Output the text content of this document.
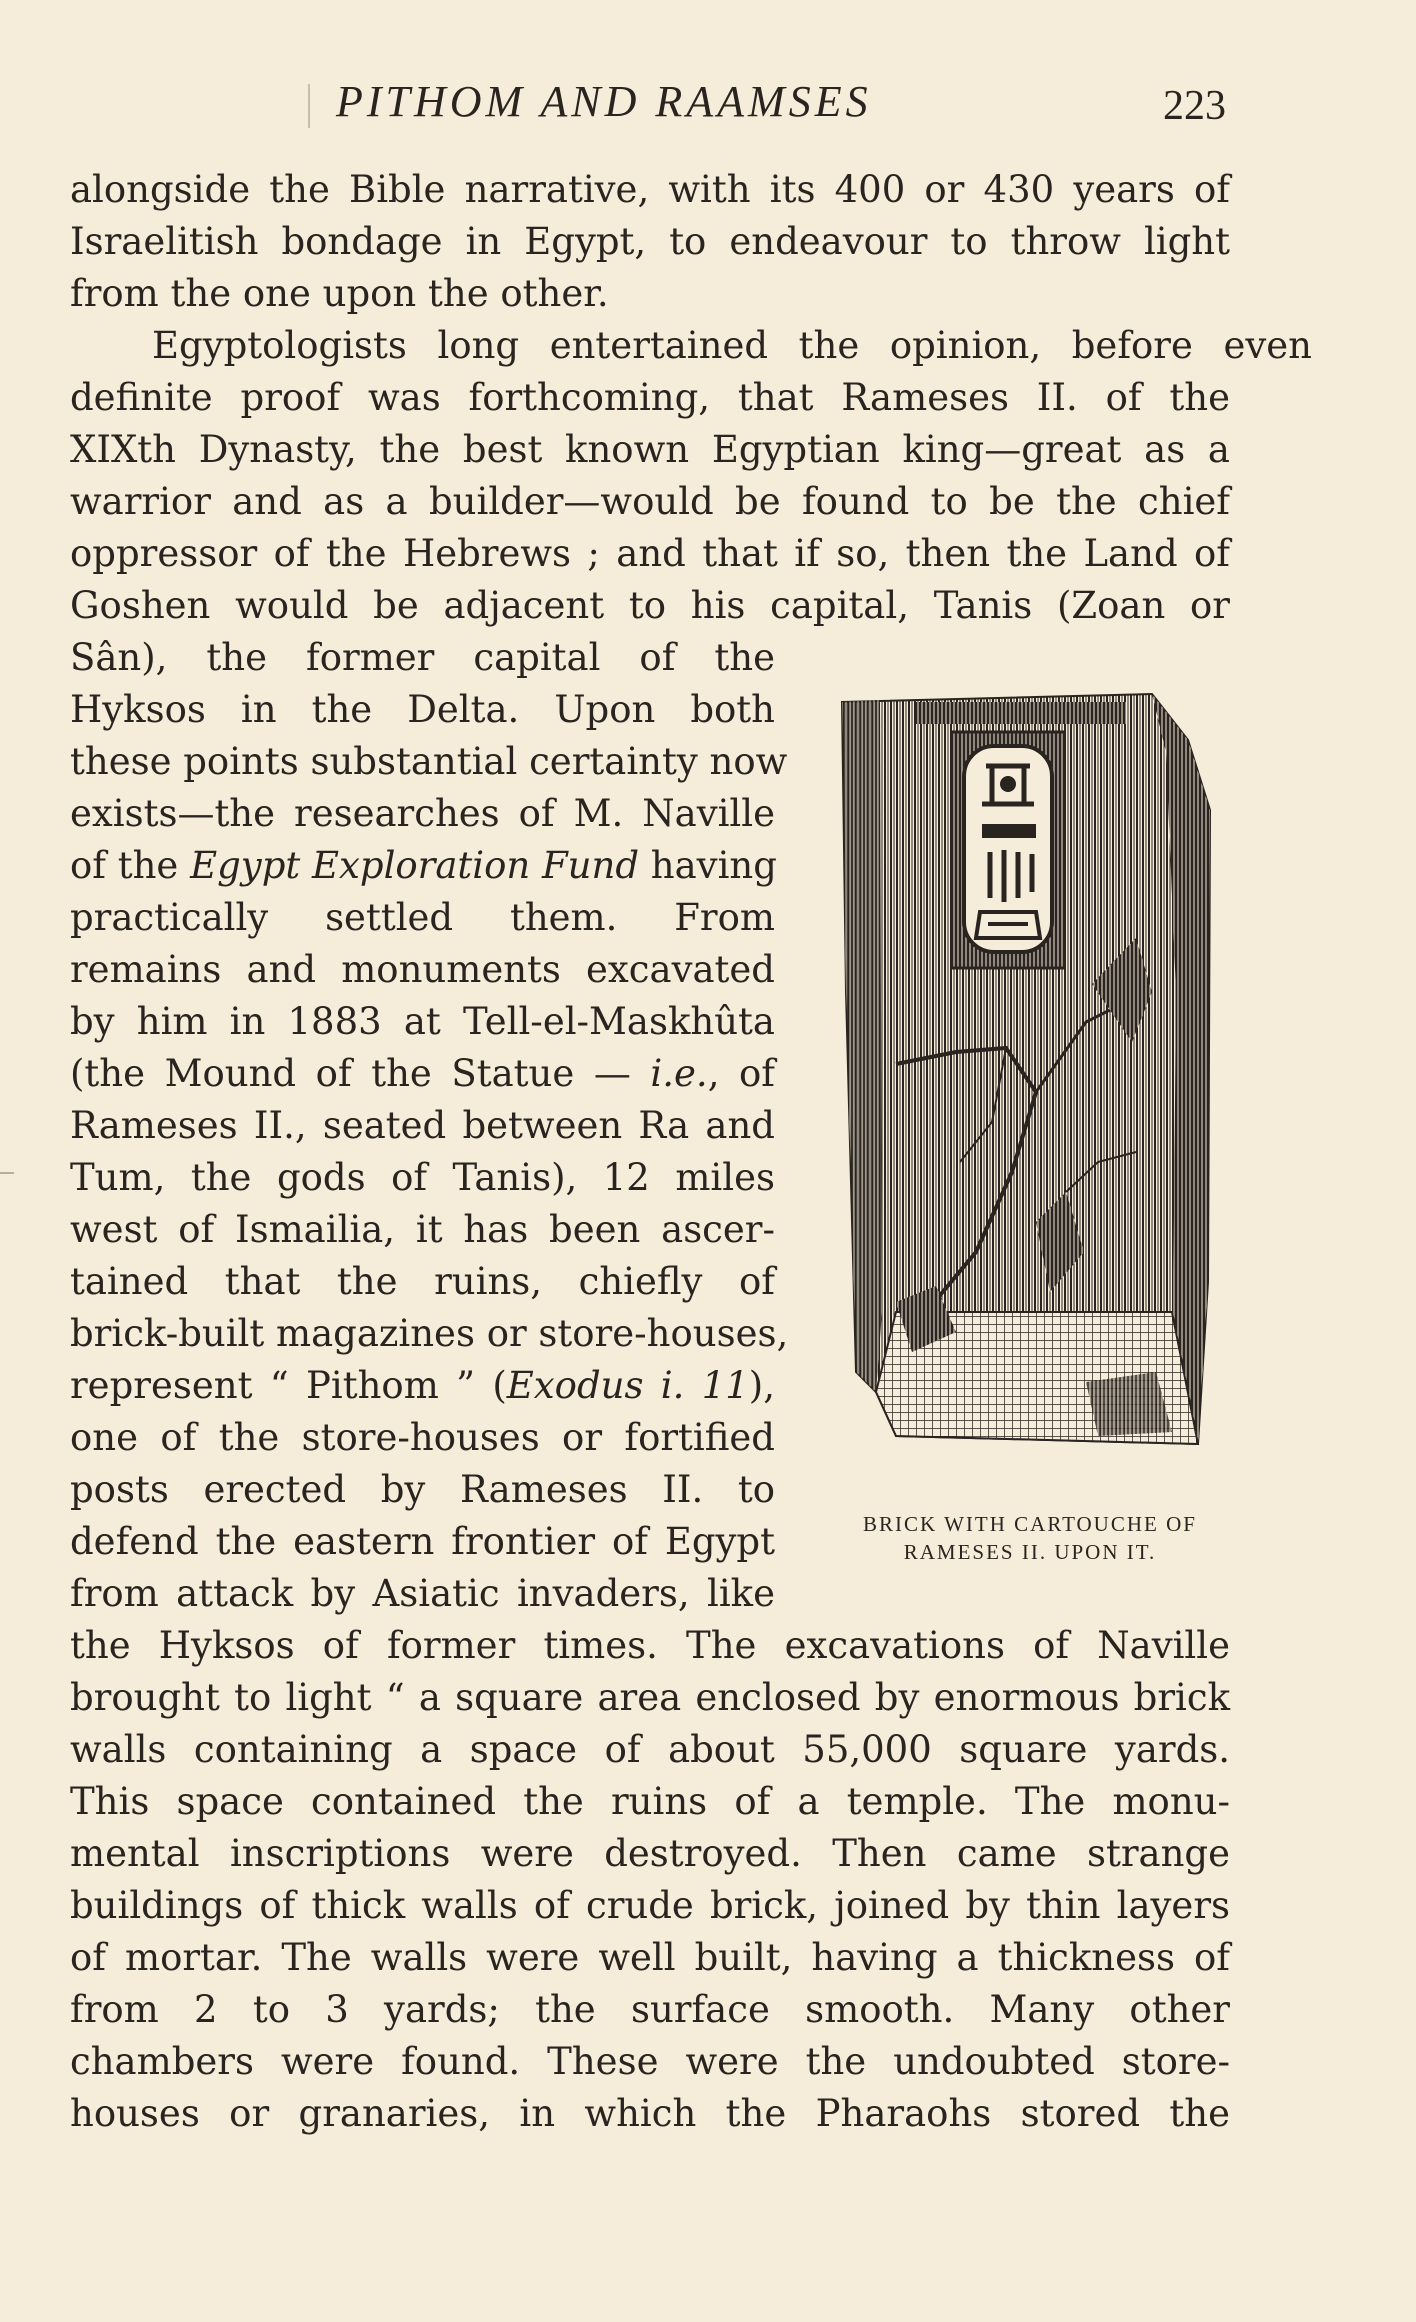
PITHOM AND RAAMSES	223
alongside the Bible narrative, with its 400 or 430 years of
Israelitish bondage in Egypt, to endeavour to throw light
from the one upon the other.
Egyptologists long entertained the opinion, before even
definite proof was forthcoming, that Rameses II. of the
XIXth Dynasty, the best known Egyptian king—great as a
warrior and as a builder—would be found to be the chief
oppressor of the Hebrews ; and that if so, then the Land of
Goshen would be adjacent to his capital, Tanis (Zoan or
Sân), the former capital of the
Hyksos in the Delta. Upon both
these points substantial certainty now
exists—the researches of M. Naville
of the Egypt Exploration Fund having
practically settled them. From
remains and monuments excavated
by him in 1883 at Tell-el-Maskhûta
(the Mound of the Statue — i.e., of
Rameses II., seated between Ra and
Tum, the gods of Tanis), 12 miles
west of Ismailia, it has been ascer-
tained that the ruins, chiefly of
brick-built magazines or store-houses,
represent “ Pithom ” (Exodus i. 11),
one of the store-houses or fortified
posts erected by Rameses II. to
defend the eastern frontier of Egypt
from attack by Asiatic invaders, like
the Hyksos of former times. The excavations of Naville
brought to light “ a square area enclosed by enormous brick
walls containing a space of about 55,000 square yards.
This space contained the ruins of a temple. The monu-
mental inscriptions were destroyed. Then came strange
buildings of thick walls of crude brick, joined by thin layers
of mortar. The walls were well built, having a thickness of
from 2 to 3 yards; the surface smooth. Many other
chambers were found. These were the undoubted store-
houses or granaries, in which the Pharaohs stored the
BRICK WITH CARTOUCHE OF
RAMESES II. UPON IT.
